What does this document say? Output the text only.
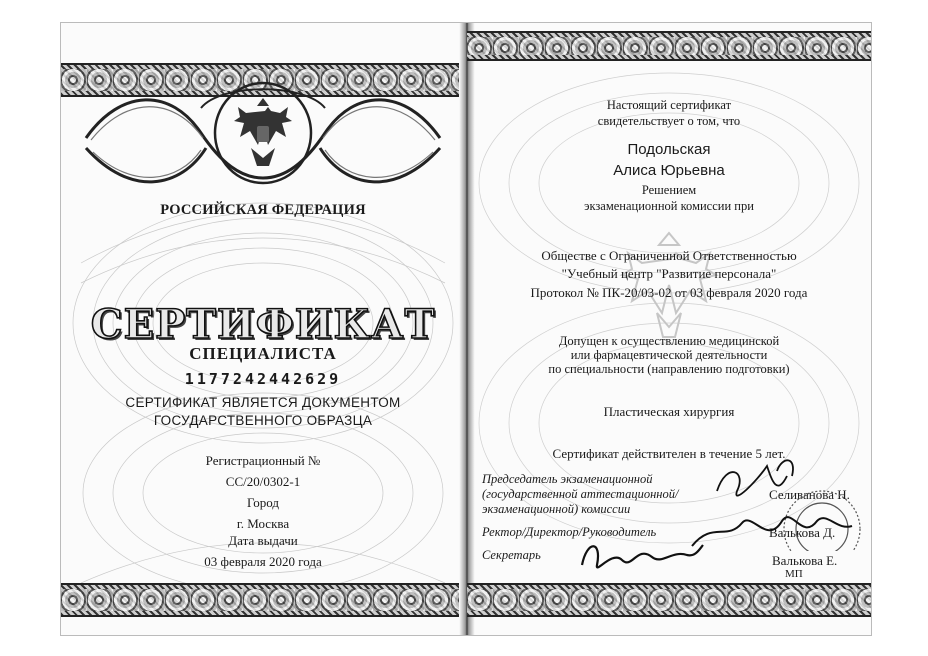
РОССИЙСКАЯ ФЕДЕРАЦИЯ
СЕРТИФИКАТ
СПЕЦИАЛИСТА
1177242442629
СЕРТИФИКАТ ЯВЛЯЕТСЯ ДОКУМЕНТОМ
ГОСУДАРСТВЕННОГО ОБРАЗЦА
Регистрационный №
СС/20/0302-1
Город
г. Москва
Дата выдачи
03 февраля 2020 года
Настоящий сертификат
свидетельствует о том, что
Подольская
Алиса Юрьевна
Решением
экзаменационной комиссии при
Обществе с Ограниченной Ответственностью
"Учебный центр "Развитие персонала"
Протокол № ПК-20/03-02 от 03 февраля 2020 года
Допущен к осуществлению медицинской
или фармацевтической деятельности
по специальности (направлению подготовки)
Пластическая хирургия
Сертификат действителен в течение 5 лет.
Председатель экзаменационной
(государственной аттестационной/
экзаменационной) комиссии
Селиванова Н.
Ректор/Директор/Руководитель	Валькова Д.
Секретарь	Валькова Е.
МП
